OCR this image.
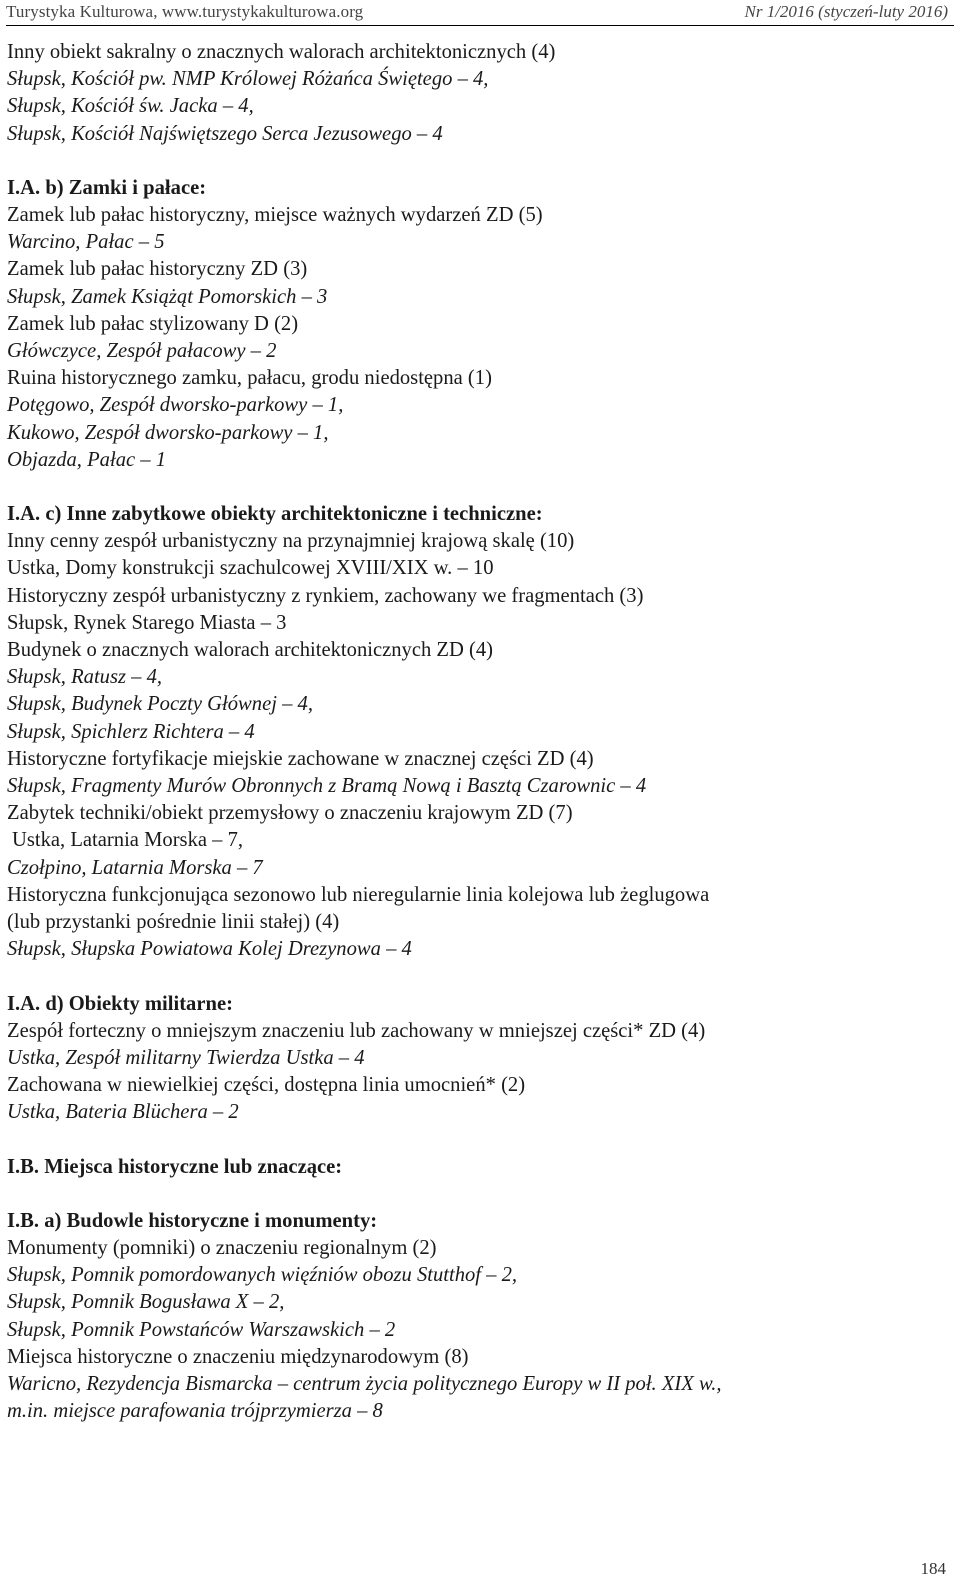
Turystyka Kulturowa, www.turystykakulturowa.org	Nr 1/2016 (styczeń-luty 2016)
Inny obiekt sakralny o znacznych walorach architektonicznych (4)
Słupsk, Kościół pw. NMP Królowej Różańca Świętego – 4,
Słupsk, Kościół św. Jacka – 4,
Słupsk, Kościół Najświętszego Serca Jezusowego – 4
I.A. b) Zamki i pałace:
Zamek lub pałac historyczny, miejsce ważnych wydarzeń ZD (5)
Warcino, Pałac – 5
Zamek lub pałac historyczny ZD (3)
Słupsk, Zamek Książąt Pomorskich – 3
Zamek lub pałac stylizowany D (2)
Główczyce, Zespół pałacowy – 2
Ruina historycznego zamku, pałacu, grodu niedostępna (1)
Potęgowo, Zespół dworsko-parkowy – 1,
Kukowo, Zespół dworsko-parkowy – 1,
Objazda, Pałac – 1
I.A. c) Inne zabytkowe obiekty architektoniczne i techniczne:
Inny cenny zespół urbanistyczny na przynajmniej krajową skalę (10)
Ustka, Domy konstrukcji szachulcowej XVIII/XIX w. – 10
Historyczny zespół urbanistyczny z rynkiem, zachowany we fragmentach (3)
Słupsk, Rynek Starego Miasta – 3
Budynek o znacznych walorach architektonicznych ZD (4)
Słupsk, Ratusz – 4,
Słupsk, Budynek Poczty Głównej – 4,
Słupsk, Spichlerz Richtera – 4
Historyczne fortyfikacje miejskie zachowane w znacznej części ZD (4)
Słupsk, Fragmenty Murów Obronnych z Bramą Nową i Basztą Czarownic – 4
Zabytek techniki/obiekt przemysłowy o znaczeniu krajowym ZD (7)
Ustka, Latarnia Morska – 7,
Czołpino, Latarnia Morska – 7
Historyczna funkcjonująca sezonowo lub nieregularnie linia kolejowa lub żeglugowa
(lub przystanki pośrednie linii stałej) (4)
Słupsk, Słupska Powiatowa Kolej Drezynowa – 4
I.A. d) Obiekty militarne:
Zespół forteczny o mniejszym znaczeniu lub zachowany w mniejszej części* ZD (4)
Ustka, Zespół militarny Twierdza Ustka – 4
Zachowana w niewielkiej części, dostępna linia umocnień* (2)
Ustka, Bateria Blüchera – 2
I.B. Miejsca historyczne lub znaczące:
I.B. a) Budowle historyczne i monumenty:
Monumenty (pomniki) o znaczeniu regionalnym (2)
Słupsk, Pomnik pomordowanych więźniów obozu Stutthof – 2,
Słupsk, Pomnik Bogusława X – 2,
Słupsk, Pomnik Powstańców Warszawskich – 2
Miejsca historyczne o znaczeniu międzynarodowym (8)
Waricno, Rezydencja Bismarcka – centrum życia politycznego Europy w II poł. XIX w.,
m.in. miejsce parafowania trójprzymierza – 8
184
